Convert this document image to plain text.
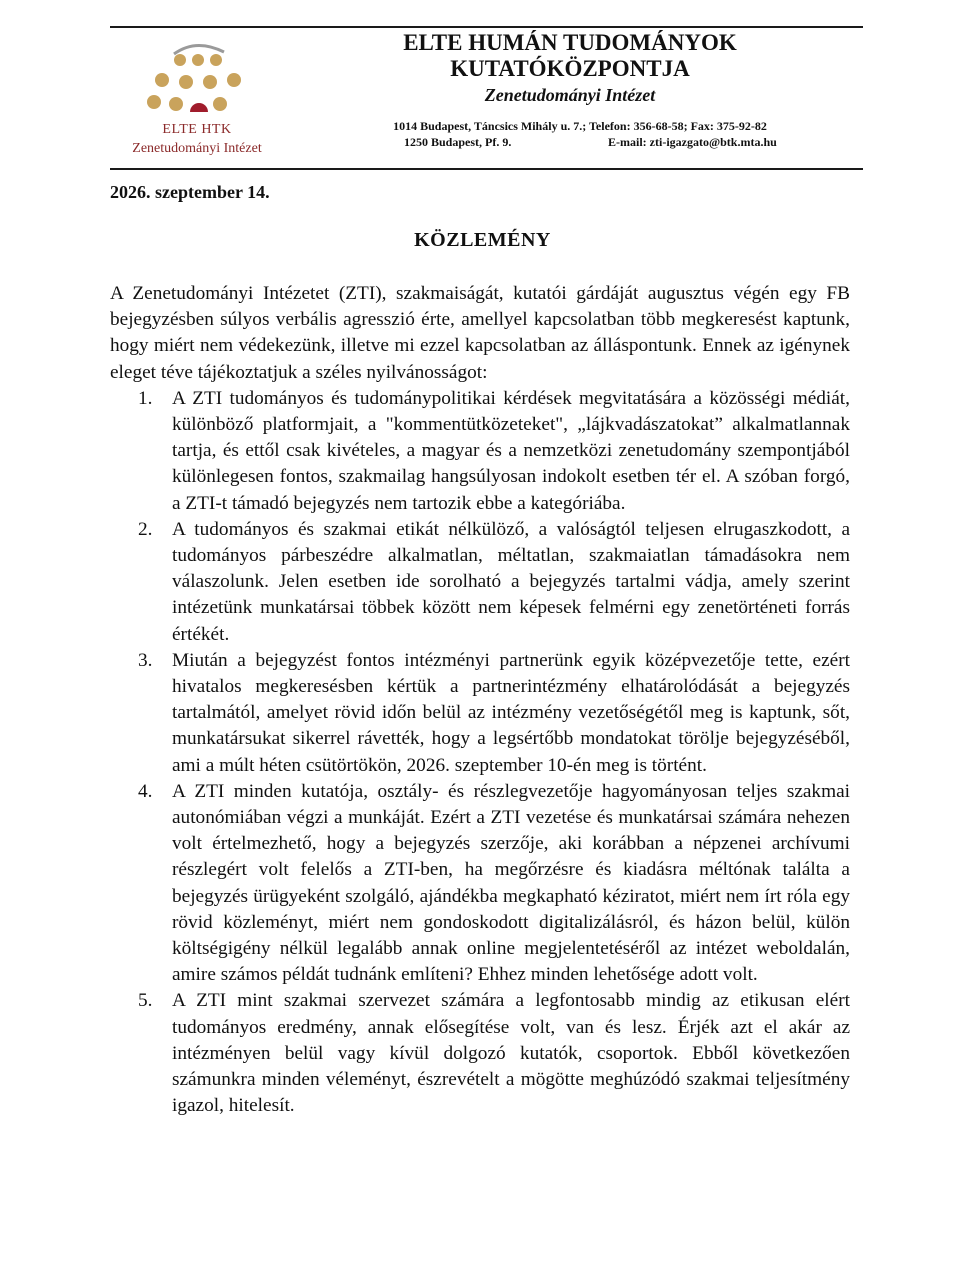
ELTE HTK
Zenetudományi Intézet
ELTE HUMÁN TUDOMÁNYOK
KUTATÓKÖZPONTJA
Zenetudományi Intézet
1014 Budapest, Táncsics Mihály u. 7.; Telefon: 356-68-58; Fax: 375-92-82
1250 Budapest, Pf. 9.	E-mail: zti-igazgato@btk.mta.hu
2026. szeptember 14.
KÖZLEMÉNY

A Zenetudományi Intézetet (ZTI), szakmaiságát, kutatói gárdáját augusztus végén egy FB bejegyzésben súlyos verbális agresszió érte, amellyel kapcsolatban több megkeresést kaptunk, hogy miért nem védekezünk, illetve mi ezzel kapcsolatban az álláspontunk. Ennek az igénynek eleget téve tájékoztatjuk a széles nyilvánosságot:

1. A ZTI tudományos és tudománypolitikai kérdések megvitatására a közösségi médiát, különböző platformjait, a "kommentütközeteket", „lájkvadászatokat” alkalmatlannak tartja, és ettől csak kivételes, a magyar és a nemzetközi zenetudomány szempontjából különlegesen fontos, szakmailag hangsúlyosan indokolt esetben tér el. A szóban forgó, a ZTI-t támadó bejegyzés nem tartozik ebbe a kategóriába.
2. A tudományos és szakmai etikát nélkülöző, a valóságtól teljesen elrugaszkodott, a tudományos párbeszédre alkalmatlan, méltatlan, szakmaiatlan támadásokra nem válaszolunk. Jelen esetben ide sorolható a bejegyzés tartalmi vádja, amely szerint intézetünk munkatársai többek között nem képesek felmérni egy zenetörténeti forrás értékét.
3. Miután a bejegyzést fontos intézményi partnerünk egyik középvezetője tette, ezért hivatalos megkeresésben kértük a partnerintézmény elhatárolódását a bejegyzés tartalmától, amelyet rövid időn belül az intézmény vezetőségétől meg is kaptunk, sőt, munkatársukat sikerrel rávették, hogy a legsértőbb mondatokat törölje bejegyzéséből, ami a múlt héten csütörtökön, 2026. szeptember 10-én meg is történt.
4. A ZTI minden kutatója, osztály- és részlegvezetője hagyományosan teljes szakmai autonómiában végzi a munkáját. Ezért a ZTI vezetése és munkatársai számára nehezen volt értelmezhető, hogy a bejegyzés szerzője, aki korábban a népzenei archívumi részlegért volt felelős a ZTI-ben, ha megőrzésre és kiadásra méltónak találta a bejegyzés ürügyeként szolgáló, ajándékba megkapható kéziratot, miért nem írt róla egy rövid közleményt, miért nem gondoskodott digitalizálásról, és házon belül, külön költségigény nélkül legalább annak online megjelentetéséről az intézet weboldalán, amire számos példát tudnánk említeni? Ehhez minden lehetősége adott volt.
5. A ZTI mint szakmai szervezet számára a legfontosabb mindig az etikusan elért tudományos eredmény, annak elősegítése volt, van és lesz. Érjék azt el akár az intézményen belül vagy kívül dolgozó kutatók, csoportok. Ebből következően számunkra minden véleményt, észrevételt a mögötte meghúzódó szakmai teljesítmény igazol, hitelesít.
